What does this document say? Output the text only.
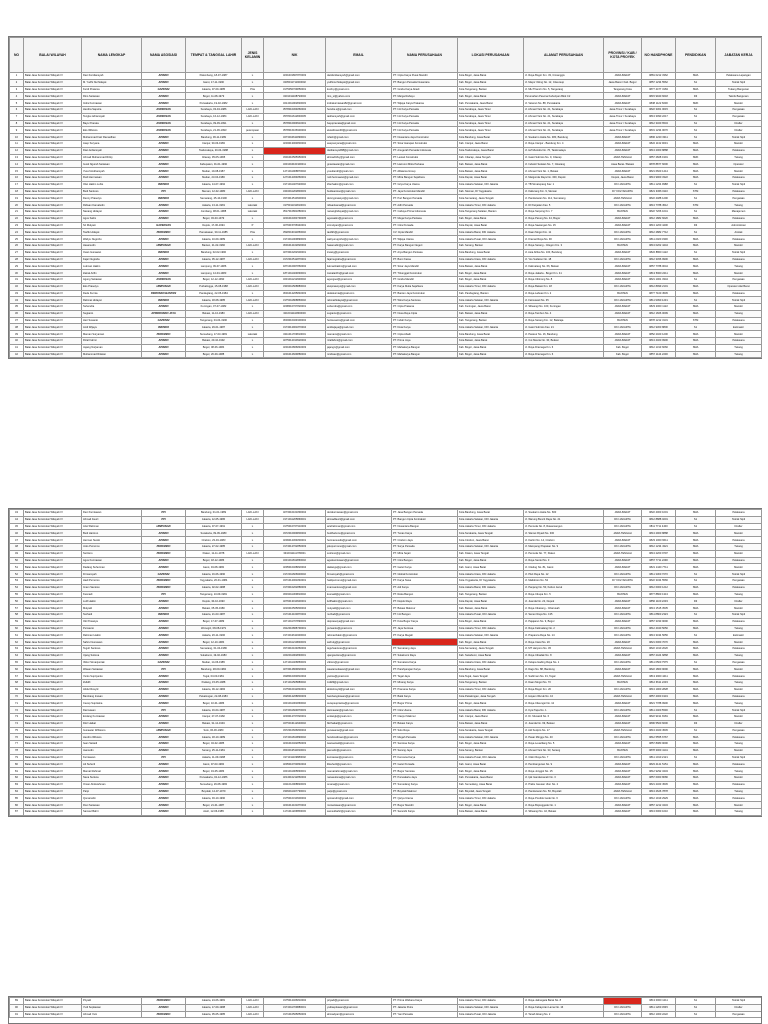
NO	BALAI WILAYAH	NAMA LENGKAP	NAMA ASOSIASI	TEMPAT & TANGGAL LAHIR	JENIS KELAMIN	NIK	EMAIL	NAMA PERUSAHAAN	LOKASI PERUSAHAAN	ALAMAT PERUSAHAAN	PROVINSI / KAB / KOTA PROYEK	NO HANDPHONE	PENDIDIKAN	JABATAN KERJA
1	Balai Jasa Konstruksi Wilayah IV	Dani Ferdiansyah	APINDO	Palembang, 18-07-1987	L	3201031807870003	daniferdiansyah@gmail.com	PT. Cipta Karya Pusat Mandiri	Kota Bogor, Jawa Barat	Jl. Raya Bogor Km. 33, Cimanggis	JAWA BARAT	0881 0212 3362	SMA	Pelaksana Lapangan
2	Balai Jasa Konstruksi Wilayah IV	M. Yudhi Nurhidayat	APINDO	Garut, 17-11-1990	L	3205011711900002	yudhinurhidayat@gmail.com	PT. Bangun Persada Nusantara	Kab. Bogor, Jawa Barat	Jl. Mayor Oking No. 12, Citeureup	Jawa Barat / Kab. Bogor	0857 1234 5562	S1	Teknik Sipil
3	Balai Jasa Konstruksi Wilayah IV	Kurdi Pratama	GAPENSI	Jakarta, 07-09-1985	Pria	3175050709850001	kurdi.p@gmail.com	PT. Graha Karya Abadi	Kota Tangerang, Banten	Jl. MH Thamrin No. 5, Tangerang	Tangerang Kota	0877 4477 3184	SMA	Tukang Bangunan
4	Balai Jasa Konstruksi Wilayah IV	Rino Setiawan	APINDO	Bogor, 11-08-1979	L	3201011108790004	rino_st@yahoo.com	PT. Marga Rahayu	Kab. Bogor, Jawa Barat	Perumahan Pesona Kahuripan Blok C2	JAWA BARAT	0815 9940 6618	D3	Teknik Bangunan
5	Balai Jasa Konstruksi Wilayah IV	Indra Kurniawan	APINDO	Purwakarta, 19-02-1982	L	3214011902820003	indrakurniawan82@gmail.com	PT. Wijaya Karya Prakarsa	Kab. Purwakarta, Jawa Barat	Jl. Veteran No. 88, Purwakarta	JAWA BARAT	0838 1122 6600	SMK	Mandor
6	Balai Jasa Konstruksi Wilayah IV	Hendra Saputra	ASPEKNAS	Surabaya, 03-04-1986	LAKI-LAKI	3578010304860002	hendra.s@gmail.com	PT. Inti Karya Persada	Kota Surabaya, Jawa Timur	Jl. Ahmad Yani No. 21, Surabaya	Jawa Timur / Surabaya	0822 3301 0015	S1	Pengawas
7	Balai Jasa Konstruksi Wilayah IV	Tengku Adriansyah	ASPEKNAS	Surabaya, 16-12-1984	LAKI-LAKI	3578011612840005	tadriansyah@gmail.com	PT. Inti Karya Persada	Kota Surabaya, Jawa Timur	Jl. Ahmad Yani No. 21, Surabaya	Jawa Timur / Surabaya	0813 3090 2217	S1	Pengawas
8	Balai Jasa Konstruksi Wilayah IV	Bayu Pranata	ASPEKNAS	Surabaya, 09-09-1991	L	3578010909910001	bayupranata@gmail.com	PT. Inti Karya Persada	Kota Surabaya, Jawa Timur	Jl. Ahmad Yani No. 21, Surabaya	Jawa Timur / Surabaya	0812 3320 6543	S1	Drafter
9	Balai Jasa Konstruksi Wilayah IV	Eko Wibowo	ASPEKNAS	Surabaya, 21-06-1993	perempuan	3578016106930002	ekowibowo93@gmail.com	PT. Inti Karya Persada	Kota Surabaya, Jawa Timur	Jl. Ahmad Yani No. 21, Surabaya	Jawa Timur / Surabaya	0831 1234 0070	S1	Drafter
10	Balai Jasa Konstruksi Wilayah IV	Muhammad Faiz Ramadhan	APINDO	Bandung, 06-11-1989	L	3273010611890001	mfaizr@gmail.com	PT. Nusantara Jaya Konstruksi	Kota Bandung, Jawa Barat	Jl. Soekarno Hatta No. 480, Bandung	JAWA BARAT	0896 1220 3311	S1	Teknik Sipil
11	Balai Jasa Konstruksi Wilayah IV	Asep Suryana	APINDO	Cianjur, 30-03-1983	L	3203013003830002	asepsuryana@gmail.com	PT. Sinar Harapan Konstruksi	Kab. Cianjur, Jawa Barat	Jl. Raya Cianjur - Bandung Km. 4	JAWA BARAT	0822 1132 9001	SMA	Mandor
12	Balai Jasa Konstruksi Wilayah IV	Dian Ardiansyah	APINDO	Tasikmalaya, 20-04-1988	L		dardiansyah88@gmail.com	PT. Anugerah Persada Indonesia	Kota Tasikmalaya, Jawa Barat	Jl. HZ Mustofa No. 76, Tasikmalaya	JAWA BARAT	0813 2000 8888	SMA	Pelaksana
13	Balai Jasa Konstruksi Wilayah IV	Ahmad Muhammad Rizky	APINDO	Cilacap, 05-05-1995	L	3301010505950003	ahmadrizky@gmail.com	PT. Lestari Konstruksi	Kab. Cilacap, Jawa Tengah	Jl. Gatot Subroto No. 9, Cilacap	JAWA TENGAH	0857 2828 1991	SMK	Tukang
14	Balai Jasa Konstruksi Wilayah IV	Gusti Ngurah Setiawan	APINDO	Kabupaten, 01-01-1990	L	3201010101900011	gnsetiawan@gmail.com	PT. Harmoni Mitra Perkasa	Kab. Bekasi, Jawa Barat	Jl. Industri Selatan No. 7, Cikarang	Jawa Barat / Bekasi	0878 8877 6600	SMA	Operator
15	Balai Jasa Konstruksi Wilayah IV	Yusuf Andriansyah	APINDO	Medan, 19-08-1987	L	1271011908870002	yusufandri@gmail.com	PT. Alfatama Group	Kota Bekasi, Jawa Barat	Jl. Ahmad Yani No. 1, Bekasi	JAWA BARAT	0821 6600 1414	SMA	Mandor
16	Balai Jasa Konstruksi Wilayah IV	Rudi Hermawan	APINDO	Medan, 23-04-1986	L	1271012304860001	rudi.hermawan@gmail.com	PT. Mitra Bangun Sejahtera	Kota Depok, Jawa Barat	Jl. Margonda Raya No. 300, Depok	Depok, Jawa Barat	0813 9900 3322	SMA	Pelaksana
17	Balai Jasa Konstruksi Wilayah IV	Irfan Hakim Lubis	INKINDO	Jakarta, 14-07-1992	L	3171011407920002	irfanhakim@gmail.com	PT. Griya Karya Utama	Kota Jakarta Selatan, DKI Jakarta	Jl. TB Simatupang Kav. 1	DKI JAKARTA	0811 1234 9988	S1	Teknik Sipil
18	Balai Jasa Konstruksi Wilayah IV	Budi Santoso	PPI	Sleman, 12-02-1980	LAKI-LAKI	3404011202800003	budisantoso@gmail.com	PT. Jaya Konstruksi Mandiri	Kab. Sleman, DI Yogyakarta	Jl. Kaliurang Km. 9, Sleman	DI YOGYAKARTA	0821 3366 0110	STM	Pelaksana
19	Balai Jasa Konstruksi Wilayah IV	Denny Prasetyo	INKINDO	Semarang, 25-10-1990	L	3374012510900002	dennyprasetyo@gmail.com	PT. Puri Bangun Persada	Kota Semarang, Jawa Tengah	Jl. Pandanaran No. 112, Semarang	JAWA TENGAH	0822 4488 1290	S1	Pengawas
20	Balai Jasa Konstruksi Wilayah IV	Ridwan Kamaludin	APINDO	Jakarta, 13-11-1981	Laki-laki	3175011311810001	ridwankamal@gmail.com	PT. Adhi Persada	Kota Jakarta Timur, DKI Jakarta	Jl. DI Panjaitan Kav. 5	DKI JAKARTA	0813 7788 4512	STM	Tukang
21	Balai Jasa Konstruksi Wilayah IV	Nanang Hidayat	APINDO	Jombang, 08-01-1988	Laki-laki	3517010801880001	nananghidayat@gmail.com	PT. Cahaya Prima Indonesia	Kota Tangerang Selatan, Banten	Jl. Raya Serpong Km. 7	BANTEN	0822 7266 1041	S1	Manajemen
22	Balai Jasa Konstruksi Wilayah IV	Agus Salim	APINDO	Bogor, 03-03-1979	L	3201010303790005	agussalim@gmail.com	PT. Mega Karya Perkasa	Kab. Bogor, Jawa Barat	Jl. Raya Parung No. 44, Bogor	JAWA BARAT	0812 1882 6620	SMA	Pelaksana
23	Balai Jasa Konstruksi Wilayah IV	Sri Mulyani	GAPEKNAS	Depok, 17-06-1994	P	3276015706940001	srimulyani@gmail.com	PT. Citra Persada	Kota Depok, Jawa Barat	Jl. Raya Sawangan No. 15	JAWA BARAT	0813 1200 4400	D3	Administrasi
24	Balai Jasa Konstruksi Wilayah IV	Taufik Hidayat	PERKINDO	Pamekasan, 30-11-1985	Pria	3528013011850002	taufikh@gmail.com	CV. Cipta Mandiri	Kota Jakarta Barat, DKI Jakarta	Jl. Daan Mogot Km. 11	DKI JAKARTA	0812 2882 7712	S1	Arsitek
25	Balai Jasa Konstruksi Wilayah IV	Wahyu Nugroho	APINDO	Jakarta, 10-09-1989	L	3174011009890003	wahyunugroho@gmail.com	PT. Wijaya Utama	Kota Jakarta Pusat, DKI Jakarta	Jl. Kramat Raya No. 90	DKI JAKARTA	0811 2020 3300	SMA	Pelaksana
26	Balai Jasa Konstruksi Wilayah IV	Hasanudin	HIMPUNAN	Banten, 21-02-1982	LAKI-LAKI	3601012102820004	hasanudin@gmail.com	PT. Karya Bangun Negeri	Kab. Serang, Banten	Jl. Raya Serang - Cilegon Km. 3	BANTEN	0813 0202 4444	SMA	Mandor
27	Balai Jasa Konstruksi Wilayah IV	Irwan Gunawan	INKINDO	Bandung, 02-02-1990	L	3273010202900001	irwang@gmail.com	PT. Arya Bangun Perkasa	Kota Bandung, Jawa Barat	Jl. Asia Afrika No. 100, Bandung	JAWA BARAT	0822 8800 1122	S1	Teknik Sipil
28	Balai Jasa Konstruksi Wilayah IV	Fajar Nugraha	APINDO	Jakarta, 05-12-1987	LAKI-LAKI	3172010512870001	fajarnugraha@gmail.com	PT. Bumi Karsa	Kota Jakarta Utara, DKI Jakarta	Jl. Yos Sudarso No. 18	DKI JAKARTA	0812 3456 9900	SMA	Pelaksana
29	Balai Jasa Konstruksi Wilayah IV	Lukman Hakim	APINDO	Lampung, 09-07-1986	L	1871010907860002	lukmanhakim@gmail.com	PT. Sinar Jaya Mandiri	Kota Bekasi, Jawa Barat	Jl. Kalimalang No. 66, Bekasi	JAWA BARAT	0857 7788 0044	SMA	Tukang
30	Balai Jasa Konstruksi Wilayah IV	Zainal Arifin	APINDO	Lampung, 14-04-1983	L	1871011404830001	zainalarifin@gmail.com	PT. Tritunggal Konstruksi	Kab. Bogor, Jawa Barat	Jl. Raya Jakarta - Bogor Km. 41	JAWA BARAT	0813 5900 2211	SMA	Mandor
31	Balai Jasa Konstruksi Wilayah IV	Agung Setiawan	ASPEKNAS	Bogor, 12-12-1990	LAKI-LAKI	3201011212900002	agungset@gmail.com	PT. Graha Mandiri	Kab. Bogor, Jawa Barat	Jl. Raya Cibinong No. 8	JAWA BARAT	0821 1001 3344	S1	Pengawas
32	Balai Jasa Konstruksi Wilayah IV	Eko Prasetyo	HIMPUNAN	Purbalingga, 15-08-1988	LAKI-LAKI	3303011508880004	ekoprasetyo@gmail.com	PT. Karya Mulia Sejahtera	Kota Jakarta Timur, DKI Jakarta	Jl. Raya Bekasi Km. 18	DKI JAKARTA	0812 8999 2101	SMA	Operator Alat Berat
33	Balai Jasa Konstruksi Wilayah IV	Dede Kurnia	PERKINDO BANTEN	Pandeglang, 22-05-1984	L	3601012205840003	dedekurnia@gmail.com	PT. Banten Jaya Konstruksi	Kab. Pandeglang, Banten	Jl. Raya Labuan Km. 2	BANTEN	0877 7100 4545	SMA	Pelaksana
34	Balai Jasa Konstruksi Wilayah IV	Rahmat Hidayat	INKINDO	Jakarta, 18-08-1985	LAKI-LAKI	3175011808850002	rahmathidayat@gmail.com	PT. Wira Karya Sentosa	Kota Jakarta Selatan, DKI Jakarta	Jl. Fatmawati No. 35	DKI JAKARTA	0811 9090 1231	S1	Teknik Sipil
35	Balai Jasa Konstruksi Wilayah IV	Suhendra	APINDO	Kuningan, 07-07-1982	L	3208010707820001	suhendra@gmail.com	PT. Cipta Pratama	Kab. Kuningan, Jawa Barat	Jl. Siliwangi No. 100, Kuningan	JAWA BARAT	0823 2000 1122	SMA	Mandor
36	Balai Jasa Konstruksi Wilayah IV	Sugianto	APPERKINDO JAYA	Bekasi, 11-10-1980	LAKI-LAKI	3216011110800003	sugianto@gmail.com	PT. Nusa Raya Cipta	Kab. Bekasi, Jawa Barat	Jl. Raya Tambun No. 4	JAWA BARAT	0812 1666 0099	SMA	Tukang
37	Balai Jasa Konstruksi Wilayah IV	Heri Susanto	GAPENSI	Tangerang, 04-04-1990	L	3603010404900002	herisusanto@gmail.com	PT. Indah Karya	Kab. Tangerang, Banten	Jl. Raya Serang Km. 12, Balaraja	BANTEN	0878 1212 3131	STM	Pelaksana
38	Balai Jasa Konstruksi Wilayah IV	Andi Wijaya	INKINDO	Jakarta, 29-01-1987	L	3174012901870004	andiwijaya@gmail.com	PT. Duta Karya	Kota Jakarta Selatan, DKI Jakarta	Jl. Gatot Subroto Kav. 21	DKI JAKARTA	0812 9300 8800	S1	Estimator
39	Balai Jasa Konstruksi Wilayah IV	Maman Suryaman	PERKINDO	Sumedang, 17-03-1981	Laki-laki	3211011703810001	mamans@gmail.com	PT. Cipta Abadi	Kota Bandung, Jawa Barat	Jl. Pasteur No. 16, Bandung	JAWA BARAT	0852 2020 1200	SMA	Mandor
40	Balai Jasa Konstruksi Wilayah IV	Rizal Fahmi	APINDO	Bekasi, 20-10-1992	L	3275012010920002	rizalfahmi@gmail.com	PT. Prima Jaya	Kota Bekasi, Jawa Barat	Jl. Cut Meutia No. 30, Bekasi	JAWA BARAT	0813 4400 9900	SMA	Pelaksana
41	Balai Jasa Konstruksi Wilayah IV	Jajang Nurjaman	APINDO	Bogor, 08-06-1984	L	3201010806840003	jajangn@gmail.com	PT. Mahakarya Bangun	Kab. Bogor, Jawa Barat	Jl. Raya Dramaga Km. 6	Kab. Bogor	0812 1313 6060	SMA	Tukang
42	Balai Jasa Konstruksi Wilayah IV	Muhammad Ridwan	APINDO	Bogor, 26-09-1988	L	3201012609880002	mridwan@gmail.com	PT. Mahakarya Bangun	Kab. Bogor, Jawa Barat	Jl. Raya Dramaga Km. 6	Kab. Bogor	0857 1144 2200	SMA	Tukang
43	Balai Jasa Konstruksi Wilayah IV	Deni Kurniawan	PPI	Bandung, 01-01-1989	LAKI-LAKI	3273010101890004	denikurniawan@gmail.com	PT. Jasa Bangun Persada	Kota Bandung, Jawa Barat	Jl. Soekarno Hatta No. 600	JAWA BARAT	0822 4000 1001	SMA	Pelaksana
44	Balai Jasa Konstruksi Wilayah IV	Ahmad Fauzi	PPI	Jakarta, 12-05-1986	LAKI-LAKI	3171011205860001	ahmadfauzi@gmail.com	PT. Bangun Cipta Kontraktor	Kota Jakarta Selatan, DKI Jakarta	Jl. Warung Buncit Raya No. 21	DKI JAKARTA	0812 8888 0201	S1	Teknik Sipil
45	Balai Jasa Konstruksi Wilayah IV	Arief Rahman	HIMPUNAN	Jakarta, 07-07-1991	L	3175010707910003	ariefrahman@gmail.com	PT. Nusantara Bangun	Kota Jakarta Timur, DKI Jakarta	Jl. Pemuda No. 8, Rawamangun	DKI JAKARTA	0811 7711 4400	S1	Drafter
46	Balai Jasa Konstruksi Wilayah IV	Budi Hartono	APINDO	Surakarta, 09-09-1980	L	3372010909800002	budihartono@gmail.com	PT. Tunas Karya	Kota Surakarta, Jawa Tengah	Jl. Slamet Riyadi No. 300	JAWA TENGAH	0813 2900 8888	SMA	Mandor
47	Balai Jasa Konstruksi Wilayah IV	Herman Susilo	APINDO	Cirebon, 23-04-1983	L	3209012304830001	hermansusilo@gmail.com	PT. Cirebon Jaya	Kota Cirebon, Jawa Barat	Jl. Kartini No. 14, Cirebon	JAWA BARAT	0823 1000 6611	SMA	Pelaksana
48	Balai Jasa Konstruksi Wilayah IV	Joko Purnomo	PERKINDO	Jakarta, 27-02-1985	L	3174012702850003	jokopurnomo@gmail.com	PT. Surya Persada	Kota Jakarta Selatan, DKI Jakarta	Jl. Mampang Prapatan No. 9	DKI JAKARTA	0812 1234 4321	SMA	Tukang
49	Balai Jasa Konstruksi Wilayah IV	Sutrisno	PERKINDO	Klaten, 11-11-1978	LAKI-LAKI	3310011111780001	sutrisno@gmail.com	PT. Mitra Sejati	Kab. Klaten, Jawa Tengah	Jl. Pemuda No. 77, Klaten	JAWA TENGAH	0813 2200 9797	SMA	Mandor
50	Balai Jasa Konstruksi Wilayah IV	Agus Kurniawan	APINDO	Bogor, 18-12-1986	L	3201011812860002	aguskurniawan@gmail.com	PT. Citra Bangun	Kab. Bogor, Jawa Barat	Jl. Raya Sentul No. 3	JAWA BARAT	0857 7711 2290	SMA	Pelaksana
51	Balai Jasa Konstruksi Wilayah IV	Dadang Suherman	APINDO	Garut, 04-08-1982	L	3205010408820004	dadangs@gmail.com	PT. Garut Karya	Kab. Garut, Jawa Barat	Jl. Ciledug No. 81, Garut	JAWA BARAT	0821 1440 7711	SMA	Mandor
52	Balai Jasa Konstruksi Wilayah IV	Firmansyah	GAPENSI	Jakarta, 16-06-1990	L	3172011606900002	firmansyah@gmail.com	PT. Global Konstruksi	Kota Jakarta Utara, DKI Jakarta	Jl. Pluit Raya No. 12	DKI JAKARTA	0811 3300 7070	S1	Teknik Sipil
53	Balai Jasa Konstruksi Wilayah IV	Hadi Purnomo	PERKINDO	Yogyakarta, 20-01-1984	L	3471012001840001	hadipurnomo@gmail.com	PT. Karya Nusa	Kota Yogyakarta, DI Yogyakarta	Jl. Malioboro No. 52	DI YOGYAKARTA	0822 3344 5566	S1	Pengawas
54	Balai Jasa Konstruksi Wilayah IV	Imam Santoso	PERKINDO	Jakarta, 02-02-1988	L	3173010202880003	imamsantoso@gmail.com	PT. Adi Karya	Kota Jakarta Barat, DKI Jakarta	Jl. Panjang No. 50, Kebon Jeruk	DKI JAKARTA	0812 6000 1212	SMA	Pelaksana
55	Balai Jasa Konstruksi Wilayah IV	Kusnadi	PPI	Tangerang, 13-09-1981	L	3603011309810002	kusnadi@gmail.com	PT. Reka Bangun	Kab. Tangerang, Banten	Jl. Raya Cikupa Km. 5	BANTEN	0877 8800 1313	SMA	Tukang
56	Balai Jasa Konstruksi Wilayah IV	Lutfi Hakim	APINDO	Depok, 30-10-1993	L	3276013010930001	lutfihakim@gmail.com	PT. Depok Raya	Kota Depok, Jawa Barat	Jl. Juanda No. 22, Depok	JAWA BARAT	0856 1100 2233	D3	Drafter
57	Balai Jasa Konstruksi Wilayah IV	Mulyadi	APINDO	Bekasi, 05-05-1980	L	3216010505800004	mulyadi@gmail.com	PT. Bekasi Makmur	Kab. Bekasi, Jawa Barat	Jl. Raya Cikarang - Cibarusah	JAWA BARAT	0813 1515 3535	SMA	Mandor
58	Balai Jasa Konstruksi Wilayah IV	Nurhadi	INKINDO	Jakarta, 21-03-1987	L	3171012103870002	nurhadi@gmail.com	PT. Inti Bangun	Kota Jakarta Pusat, DKI Jakarta	Jl. Senen Raya No. 135	DKI JAKARTA	0811 8800 2323	S1	Teknik Sipil
59	Balai Jasa Konstruksi Wilayah IV	Oki Prasetya	APINDO	Bogor, 17-07-1989	L	3271011707890003	okiprasetya@gmail.com	PT. Kota Bogor Karya	Kota Bogor, Jawa Barat	Jl. Pajajaran No. 9, Bogor	JAWA BARAT	0857 3333 9090	SMA	Pelaksana
60	Balai Jasa Konstruksi Wilayah IV	Purwanto	APINDO	Wonogiri, 08-08-1979	L	3312010808790001	purwanto@gmail.com	PT. Jaya Sentosa	Kota Jakarta Timur, DKI Jakarta	Jl. Raya Kalimalang No. 2	DKI JAKARTA	0812 4040 5050	SMA	Tukang
61	Balai Jasa Konstruksi Wilayah IV	Rahman Hakim	APINDO	Jakarta, 26-11-1990	L	3174012611900004	rahmanhakim@gmail.com	PT. Karya Megah	Kota Jakarta Selatan, DKI Jakarta	Jl. Prapanca Raya No. 14	DKI JAKARTA	0813 3434 5656	S1	Estimator
62	Balai Jasa Konstruksi Wilayah IV	Sahrul Gunawan	APINDO	Bogor, 12-10-1984	L	3201011210840003	sahrulg@gmail.com	PT. Anugrah Karya	Kab. Bogor, Jawa Barat	Jl. Raya Ciawi No. 20	JAWA BARAT	0821 6060 7070	SMA	Mandor
63	Balai Jasa Konstruksi Wilayah IV	Teguh Santoso	APINDO	Semarang, 01-04-1986	L	3374010104860002	teguhsantoso@gmail.com	PT. Semarang Jaya	Kota Semarang, Jawa Tengah	Jl. MT Haryono No. 45	JAWA TENGAH	0822 1010 2020	SMA	Pelaksana
64	Balai Jasa Konstruksi Wilayah IV	Ujang Sutisna	APINDO	Sukabumi, 19-02-1983	L	3202011902830001	ujangsutisna@gmail.com	PT. Sukabumi Raya	Kab. Sukabumi, Jawa Barat	Jl. Raya Cibadak No. 8	JAWA BARAT	0857 2424 6868	SMA	Tukang
65	Balai Jasa Konstruksi Wilayah IV	Viktor Simanjuntak	GAPENSI	Medan, 14-06-1985	L	1271011406850003	viktors@gmail.com	PT. Sumatera Karya	Kota Jakarta Utara, DKI Jakarta	Jl. Kelapa Gading Raya No. 1	DKI JAKARTA	0811 6500 7575	S1	Pengawas
66	Balai Jasa Konstruksi Wilayah IV	Wawan Setiawan	PPI	Bandung, 28-09-1982	L	3273012809820002	wawansetiawan@gmail.com	PT. Parahyangan Karya	Kota Bandung, Jawa Barat	Jl. Dago No. 88, Bandung	JAWA BARAT	0822 1800 9090	SMA	Mandor
67	Balai Jasa Konstruksi Wilayah IV	Yanto Supriyanto	APINDO	Tegal, 03-03-1981	L	3328010303810004	yantos@gmail.com	PT. Tegal Jaya	Kota Tegal, Jawa Tengah	Jl. Sudirman No. 31, Tegal	JAWA TENGAH	0813 2900 4411	SMA	Pelaksana
68	Balai Jasa Konstruksi Wilayah IV	Zulkifli	APINDO	Padang, 15-05-1988	L	1371011505880002	zulkifli@gmail.com	PT. Minang Karya	Kota Tangerang, Banten	Jl. Daan Mogot No. 70	BANTEN	0812 6611 2233	SMA	Tukang
69	Balai Jasa Konstruksi Wilayah IV	Abdul Rosyid	APINDO	Jakarta, 09-12-1984	L	3175010912840001	abdulrosyid@gmail.com	PT. Pramana Karya	Kota Jakarta Timur, DKI Jakarta	Jl. Raya Bogor Km. 20	DKI JAKARTA	0813 1900 2828	SMA	Mandor
70	Balai Jasa Konstruksi Wilayah IV	Bambang Irawan	APINDO	Pekalongan, 22-08-1983	L	3326012208830003	bambangirawan@gmail.com	PT. Batik Karya	Kota Pekalongan, Jawa Tengah	Jl. Hayam Wuruk No. 10	JAWA TENGAH	0857 4000 1919	SMA	Pelaksana
71	Balai Jasa Konstruksi Wilayah IV	Cecep Supriatna	APINDO	Bogor, 10-01-1986	L	3201011001860002	cecepsupriatna@gmail.com	PT. Bogor Prima	Kab. Bogor, Jawa Barat	Jl. Raya Cileungsi No. 12	JAWA BARAT	0821 7788 9900	SMA	Tukang
72	Balai Jasa Konstruksi Wilayah IV	Darmawan	PPI	Jakarta, 16-04-1987	L	3173011604870003	darmawan@gmail.com	PT. Citra Utama	Kota Jakarta Barat, DKI Jakarta	Jl. Kyai Tapa No. 1	DKI JAKARTA	0811 4400 5500	S1	Teknik Sipil
73	Balai Jasa Konstruksi Wilayah IV	Endang Kurniawan	APINDO	Cianjur, 27-07-1982	L	3203012707820001	endangk@gmail.com	PT. Cianjur Makmur	Kab. Cianjur, Jawa Barat	Jl. Dr. Muwardi No. 6	JAWA BARAT	0822 9191 8181	SMA	Mandor
74	Balai Jasa Konstruksi Wilayah IV	Fikri Haikal	APINDO	Bekasi, 31-12-1994	L	3275013112940002	fikrihaikal@gmail.com	PT. Bekasi Karya	Kota Bekasi, Jawa Barat	Jl. Juanda No. 99, Bekasi	JAWA BARAT	0896 5500 6600	D3	Drafter
75	Balai Jasa Konstruksi Wilayah IV	Gunawan Wibisono	HIMPUNAN	Solo, 06-06-1980	L	3372010606800004	gunawanw@gmail.com	PT. Solo Raya	Kota Surakarta, Jawa Tengah	Jl. Adi Sucipto No. 17	JAWA TENGAH	0813 2020 4545	S1	Pengawas
76	Balai Jasa Konstruksi Wilayah IV	Hendro Wibowo	APINDO	Jakarta, 18-10-1989	L	3174011810890002	hendrowibowo@gmail.com	PT. Megah Persada	Kota Jakarta Selatan, DKI Jakarta	Jl. Pasar Minggu No. 40	DKI JAKARTA	0812 5555 6767	SMA	Pelaksana
77	Balai Jasa Konstruksi Wilayah IV	Iwan Setiadi	APINDO	Bogor, 04-02-1985	L	3201010402850003	iwansetiadi@gmail.com	PT. Sentosa Karya	Kab. Bogor, Jawa Barat	Jl. Raya Leuwiliang No. 5	JAWA BARAT	0857 8080 9090	SMA	Tukang
78	Balai Jasa Konstruksi Wilayah IV	Jaenudin	APINDO	Serang, 25-11-1981	L	3604012511810001	jaenudin@gmail.com	PT. Serang Jaya	Kota Serang, Banten	Jl. Ahmad Yani No. 33, Serang	BANTEN	0878 3000 4141	SMA	Mandor
79	Balai Jasa Konstruksi Wilayah IV	Kurniawan	PPI	Jakarta, 11-09-1988	L	3171011109880002	kurniawan@gmail.com	PT. Kencana Karya	Kota Jakarta Pusat, DKI Jakarta	Jl. Cikini Raya No. 7	DKI JAKARTA	0811 1010 2121	S1	Teknik Sipil
80	Balai Jasa Konstruksi Wilayah IV	Lili Suherli	APINDO	Garut, 07-03-1984	L	3205010703840004	lilisuherli@gmail.com	PT. Garut Persada	Kab. Garut, Jawa Barat	Jl. Pembangunan No. 9	JAWA BARAT	0823 4141 5151	SMA	Pelaksana
81	Balai Jasa Konstruksi Wilayah IV	Mamat Rahmat	APINDO	Bogor, 19-05-1983	L	3201011905830001	mamatrahmat@gmail.com	PT. Bogor Sentosa	Kab. Bogor, Jawa Barat	Jl. Raya Jonggol No. 15	JAWA BARAT	0812 9292 3434	SMA	Tukang
82	Balai Jasa Konstruksi Wilayah IV	Nana Sutisna	APINDO	Purwakarta, 02-12-1986	L	3214010212860002	nanasutisna@gmail.com	PT. Purwakarta Jaya	Kab. Purwakarta, Jawa Barat	Jl. Ipik Gandamanah No. 3	JAWA BARAT	0857 6060 8080	SMA	Mandor
83	Balai Jasa Konstruksi Wilayah IV	Oman Abdurahman	APINDO	Sumedang, 29-08-1982	L	3211012908820003	omana@gmail.com	PT. Sumedang Karya	Kab. Sumedang, Jawa Barat	Jl. Prabu Geusan Ulun No. 2	JAWA BARAT	0821 2323 4545	SMA	Pelaksana
84	Balai Jasa Konstruksi Wilayah IV	Parjo	APINDO	Boyolali, 14-07-1979	L	3309011407790001	parjo@gmail.com	PT. Boyolali Makmur	Kab. Boyolali, Jawa Tengah	Jl. Pandanaran No. 50, Boyolali	JAWA TENGAH	0813 2626 7878	SMA	Tukang
85	Balai Jasa Konstruksi Wilayah IV	Qomarudin	APINDO	Jakarta, 03-10-1990	L	3175010310900002	qomarudin@gmail.com	PT. Qarya Utama	Kota Jakarta Timur, DKI Jakarta	Jl. Raya Pondok Gede No. 6	DKI JAKARTA	0812 1919 2929	SMA	Pelaksana
86	Balai Jasa Konstruksi Wilayah IV	Roni Setiawan	APINDO	Bogor, 21-01-1987	L	3201012101870004	ronisetiawan@gmail.com	PT. Bogor Mandiri	Kab. Bogor, Jawa Barat	Jl. Raya Bojonggede No. 1	JAWA BARAT	0857 1212 3434	SMA	Mandor
87	Balai Jasa Konstruksi Wilayah IV	Samsul Bahri	APINDO	Aceh, 12-06-1985	L	1171011206850003	samsulbahri@gmail.com	PT. Serambi Karya	Kota Bekasi, Jawa Barat	Jl. Siliwangi No. 42, Bekasi	JAWA BARAT	0813 6060 1010	SMA	Tukang
89	Balai Jasa Konstruksi Wilayah IV	Priyadi	PERKINDO	Jakarta, 24-06-1981	LAKI-LAKI	3175012406810002	priyadi@gmail.com	PT. Prima Wahana Karya	Kota Jakarta Timur, DKI Jakarta	Jl. Raya Jatinegara Barat No. 8	DKI JAKARTA	0813 0000 1211	S1	Teknik Sipil
90	Balai Jasa Konstruksi Wilayah IV	Yudi Septiawan	APINDO	Jakarta, 17-09-1988	LAKI-LAKI	3174011709880001	yudiseptiawan@gmail.com	PT. Jakarta Putra	Kota Jakarta Selatan, DKI Jakarta	Jl. Raya Kebayoran Lama No. 16	DKI JAKARTA	0811 1200 4545	S1	Drafter
91	Balai Jasa Konstruksi Wilayah IV	Ahmad Yani	PERKINDO	Jakarta, 05-05-1985	LAKI-LAKI	3171010505850003	ahmadyani@gmail.com	PT. Yani Persada	Kota Jakarta Pusat, DKI Jakarta	Jl. Tanah Abang No. 2	DKI JAKARTA	0812 1000 2222	S1	Pengawas
